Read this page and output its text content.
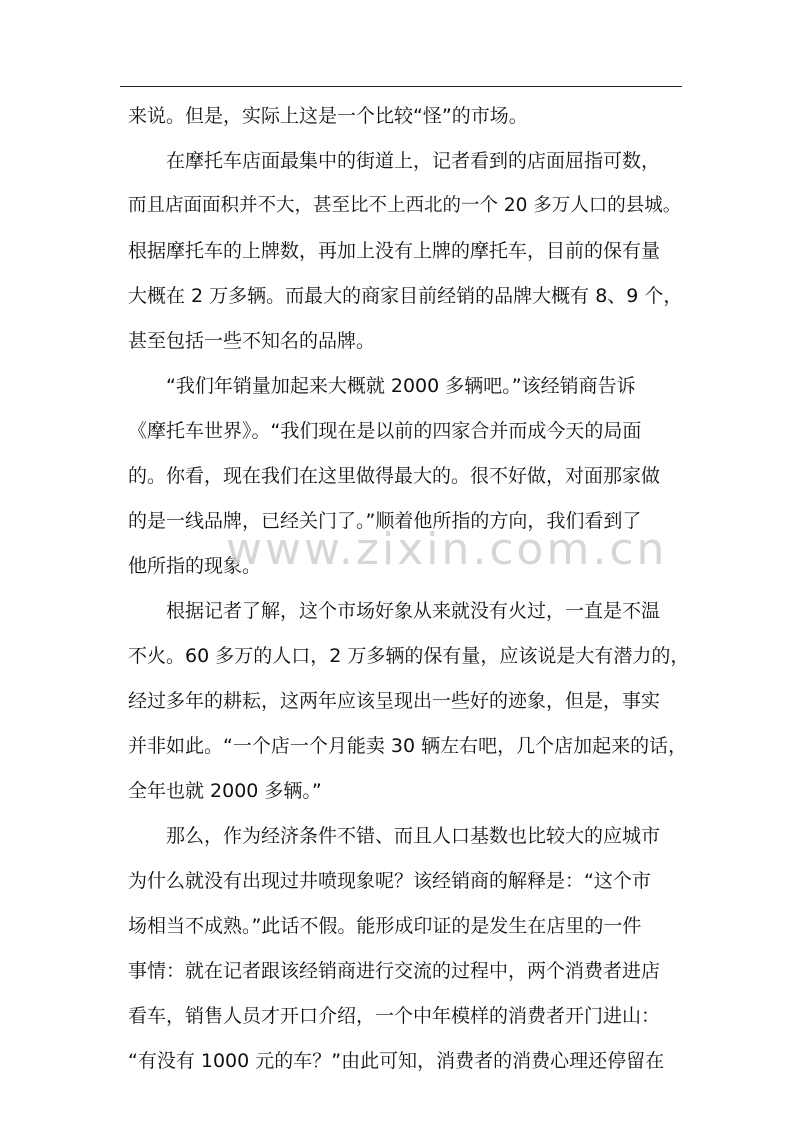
来说。但是，实际上这是一个比较“怪”的市场。
在摩托车店面最集中的街道上，记者看到的店面屈指可数，
而且店面面积并不大，甚至比不上西北的一个 20 多万人口的县城。
根据摩托车的上牌数，再加上没有上牌的摩托车，目前的保有量
大概在 2 万多辆。而最大的商家目前经销的品牌大概有 8、9 个，
甚至包括一些不知名的品牌。
“我们年销量加起来大概就 2000 多辆吧。”该经销商告诉
《摩托车世界》。“我们现在是以前的四家合并而成今天的局面
的。你看，现在我们在这里做得最大的。很不好做，对面那家做
的是一线品牌，已经关门了。”顺着他所指的方向，我们看到了
他所指的现象。
根据记者了解，这个市场好象从来就没有火过，一直是不温
不火。60 多万的人口，2 万多辆的保有量，应该说是大有潜力的，
经过多年的耕耘，这两年应该呈现出一些好的迹象，但是，事实
并非如此。“一个店一个月能卖 30 辆左右吧，几个店加起来的话，
全年也就 2000 多辆。”
那么，作为经济条件不错、而且人口基数也比较大的应城市
为什么就没有出现过井喷现象呢？该经销商的解释是：“这个市
场相当不成熟。”此话不假。能形成印证的是发生在店里的一件
事情：就在记者跟该经销商进行交流的过程中，两个消费者进店
看车，销售人员才开口介绍，一个中年模样的消费者开门进山：
“有没有 1000 元的车？”由此可知，消费者的消费心理还停留在
www.zixin.com.cn
